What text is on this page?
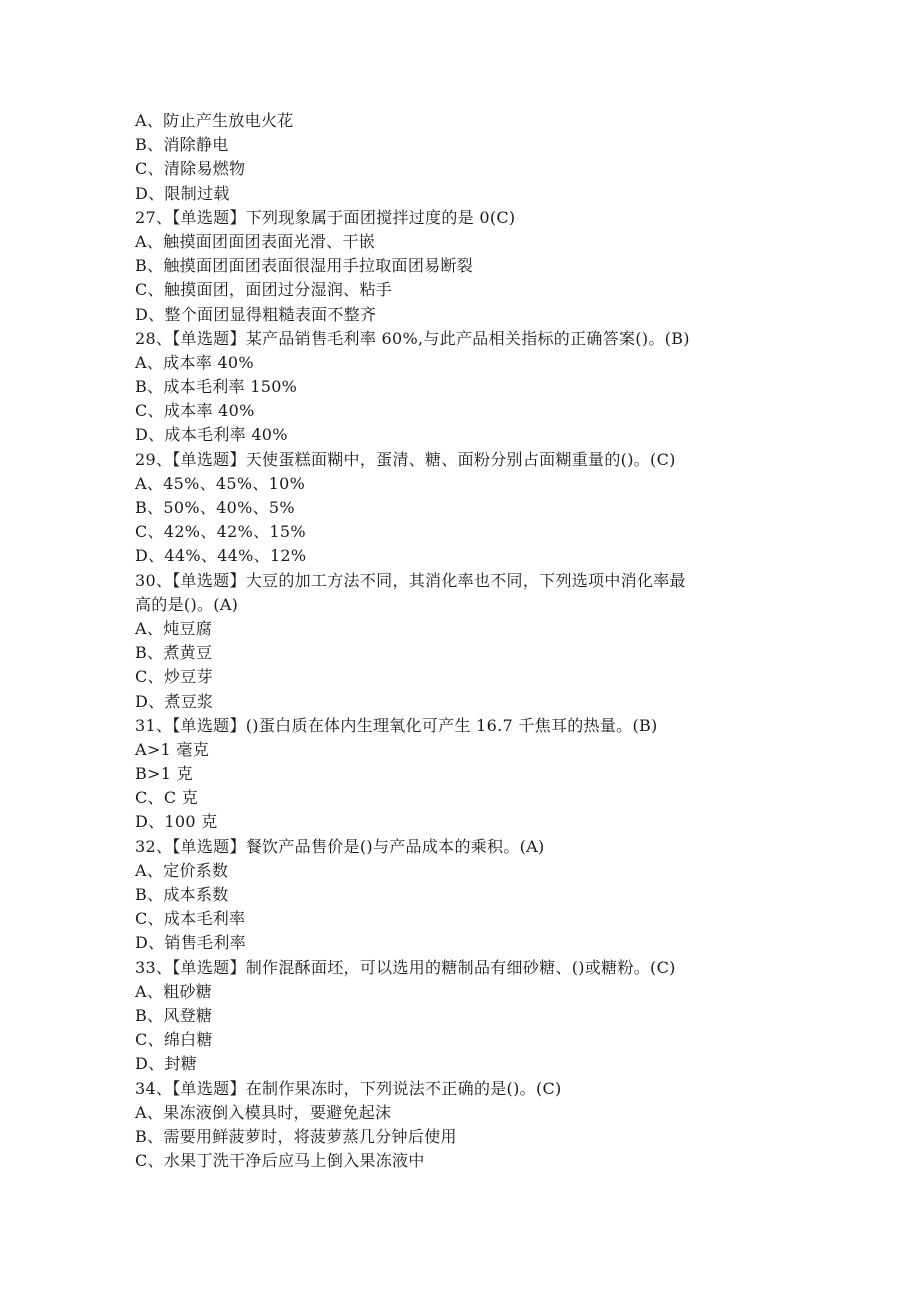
A、防止产生放电火花
B、消除静电
C、清除易燃物
D、限制过载
27、【单选题】下列现象属于面团搅拌过度的是 0(C)
A、触摸面团面团表面光滑、干嵌
B、触摸面团面团表面很湿用手拉取面团易断裂
C、触摸面团，面团过分湿润、粘手
D、整个面团显得粗糙表面不整齐
28、【单选题】某产品销售毛利率 60%,与此产品相关指标的正确答案()。(B)
A、成本率 40%
B、成本毛利率 150%
C、成本率 40%
D、成本毛利率 40%
29、【单选题】天使蛋糕面糊中，蛋清、糖、面粉分别占面糊重量的()。(C)
A、45%、45%、10%
B、50%、40%、5%
C、42%、42%、15%
D、44%、44%、12%
30、【单选题】大豆的加工方法不同，其消化率也不同，下列选项中消化率最
高的是()。(A)
A、炖豆腐
B、煮黄豆
C、炒豆芽
D、煮豆浆
31、【单选题】()蛋白质在体内生理氧化可产生 16.7 千焦耳的热量。(B)
A>1 毫克
B>1 克
C、C 克
D、100 克
32、【单选题】餐饮产品售价是()与产品成本的乘积。(A)
A、定价系数
B、成本系数
C、成本毛利率
D、销售毛利率
33、【单选题】制作混酥面坯，可以选用的糖制品有细砂糖、()或糖粉。(C)
A、粗砂糖
B、风登糖
C、绵白糖
D、封糖
34、【单选题】在制作果冻时，下列说法不正确的是()。(C)
A、果冻液倒入模具时，要避免起沫
B、需要用鲜菠萝时，将菠萝蒸几分钟后使用
C、水果丁洗干净后应马上倒入果冻液中
